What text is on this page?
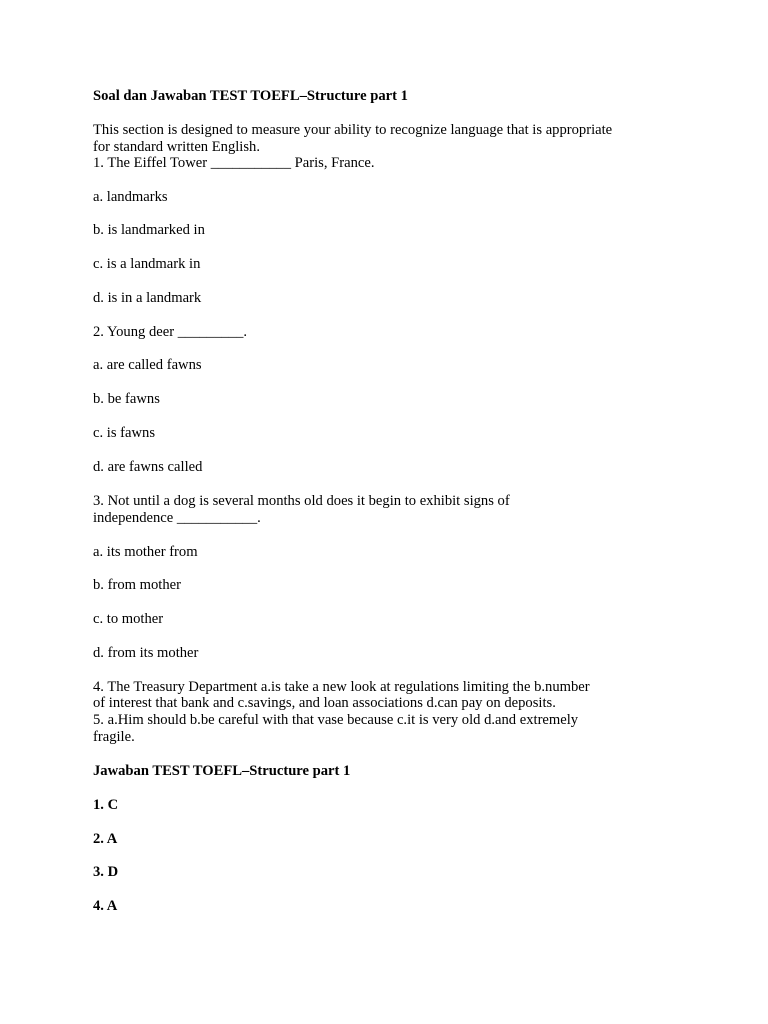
Soal dan Jawaban TEST TOEFL–Structure part 1
This section is designed to measure your ability to recognize language that is appropriate
for standard written English.
1. The Eiffel Tower ___________ Paris, France.
a. landmarks
b. is landmarked in
c. is a landmark in
d. is in a landmark
2. Young deer _________.
a. are called fawns
b. be fawns
c. is fawns
d. are fawns called
3. Not until a dog is several months old does it begin to exhibit signs of
independence ___________.
a. its mother from
b. from mother
c. to mother
d. from its mother
4. The Treasury Department a.is take a new look at regulations limiting the b.number
of interest that bank and c.savings, and loan associations d.can pay on deposits.
5. a.Him should b.be careful with that vase because c.it is very old d.and extremely
fragile.
Jawaban TEST TOEFL–Structure part 1
1. C
2. A
3. D
4. A
